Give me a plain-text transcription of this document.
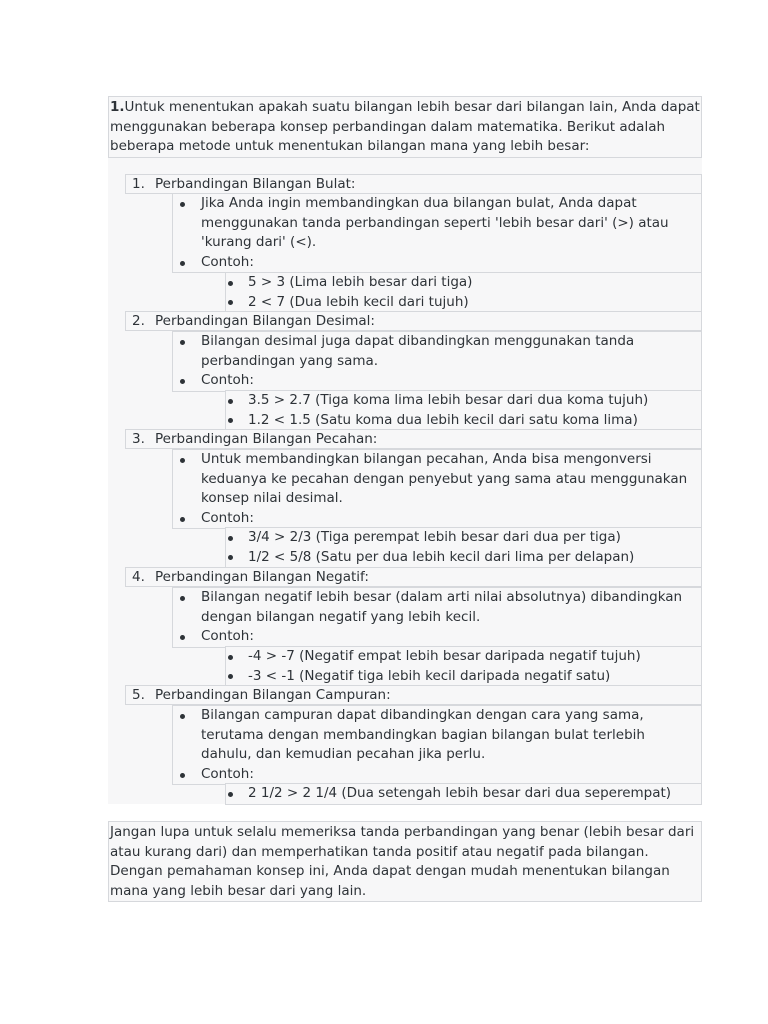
1.Untuk menentukan apakah suatu bilangan lebih besar dari bilangan lain, Anda dapat
menggunakan beberapa konsep perbandingan dalam matematika. Berikut adalah
beberapa metode untuk menentukan bilangan mana yang lebih besar:
1. Perbandingan Bilangan Bulat:
Jika Anda ingin membandingkan dua bilangan bulat, Anda dapat
menggunakan tanda perbandingan seperti 'lebih besar dari' (>) atau
'kurang dari' (<).
Contoh:
5 > 3 (Lima lebih besar dari tiga)
2 < 7 (Dua lebih kecil dari tujuh)
2. Perbandingan Bilangan Desimal:
Bilangan desimal juga dapat dibandingkan menggunakan tanda
perbandingan yang sama.
Contoh:
3.5 > 2.7 (Tiga koma lima lebih besar dari dua koma tujuh)
1.2 < 1.5 (Satu koma dua lebih kecil dari satu koma lima)
3. Perbandingan Bilangan Pecahan:
Untuk membandingkan bilangan pecahan, Anda bisa mengonversi
keduanya ke pecahan dengan penyebut yang sama atau menggunakan
konsep nilai desimal.
Contoh:
3/4 > 2/3 (Tiga perempat lebih besar dari dua per tiga)
1/2 < 5/8 (Satu per dua lebih kecil dari lima per delapan)
4. Perbandingan Bilangan Negatif:
Bilangan negatif lebih besar (dalam arti nilai absolutnya) dibandingkan
dengan bilangan negatif yang lebih kecil.
Contoh:
-4 > -7 (Negatif empat lebih besar daripada negatif tujuh)
-3 < -1 (Negatif tiga lebih kecil daripada negatif satu)
5. Perbandingan Bilangan Campuran:
Bilangan campuran dapat dibandingkan dengan cara yang sama,
terutama dengan membandingkan bagian bilangan bulat terlebih
dahulu, dan kemudian pecahan jika perlu.
Contoh:
2 1/2 > 2 1/4 (Dua setengah lebih besar dari dua seperempat)
Jangan lupa untuk selalu memeriksa tanda perbandingan yang benar (lebih besar dari
atau kurang dari) dan memperhatikan tanda positif atau negatif pada bilangan.
Dengan pemahaman konsep ini, Anda dapat dengan mudah menentukan bilangan
mana yang lebih besar dari yang lain.
